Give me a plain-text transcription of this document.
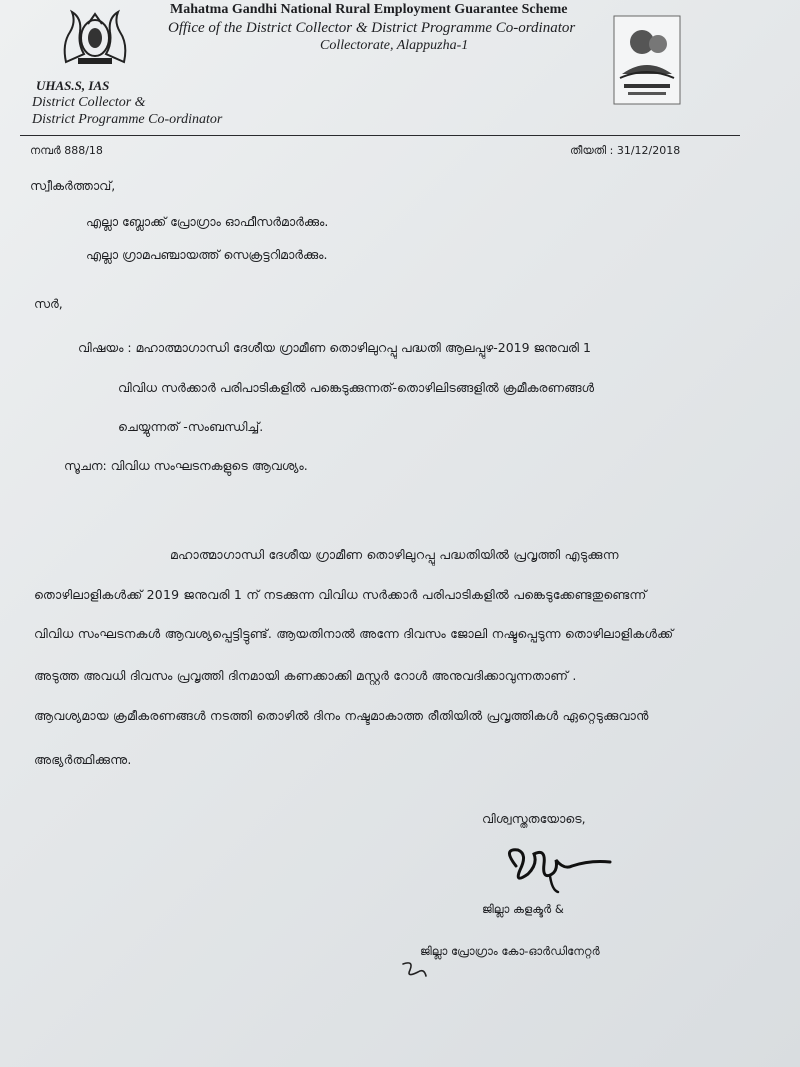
Mahatma Gandhi National Rural Employment Guarantee Scheme
Office of the District Collector & District Programme Co-ordinator
Collectorate, Alappuzha-1
UHAS.S, IAS
District Collector &
District Programme Co-ordinator
നമ്പർ 888/18	തീയതി : 31/12/2018
സ്വീകർത്താവ്,
എല്ലാ ബ്ലോക്ക് പ്രോഗ്രാം ഓഫീസർമാർക്കും.
എല്ലാ ഗ്രാമപഞ്ചായത്ത് സെക്രട്ടറിമാർക്കും.
സർ,
വിഷയം : മഹാത്മാഗാന്ധി ദേശീയ ഗ്രാമീണ തൊഴിലുറപ്പു പദ്ധതി ആലപ്പുഴ-2019 ജനുവരി 1
വിവിധ സർക്കാർ പരിപാടികളിൽ പങ്കെടുക്കുന്നത്-തൊഴിലിടങ്ങളിൽ ക്രമീകരണങ്ങൾ
ചെയ്യുന്നത് -സംബന്ധിച്ച്.
സൂചന: വിവിധ സംഘടനകളുടെ ആവശ്യം.
മഹാത്മാഗാന്ധി ദേശീയ ഗ്രാമീണ തൊഴിലുറപ്പു പദ്ധതിയിൽ പ്രവൃത്തി എടുക്കുന്ന
തൊഴിലാളികൾക്ക് 2019 ജനുവരി 1 ന് നടക്കുന്ന വിവിധ സർക്കാർ പരിപാടികളിൽ പങ്കെടുക്കേണ്ടതുണ്ടെന്ന്
വിവിധ സംഘടനകൾ ആവശ്യപ്പെട്ടിട്ടുണ്ട്. ആയതിനാൽ അന്നേ ദിവസം ജോലി നഷ്ടപ്പെടുന്ന തൊഴിലാളികൾക്ക്
അടുത്ത അവധി ദിവസം പ്രവൃത്തി ദിനമായി കണക്കാക്കി മസ്റ്റർ റോൾ അനുവദിക്കാവുന്നതാണ് .
ആവശ്യമായ ക്രമീകരണങ്ങൾ നടത്തി തൊഴിൽ ദിനം നഷ്ടമാകാത്ത രീതിയിൽ പ്രവൃത്തികൾ ഏറ്റെടുക്കുവാൻ
അഭ്യർത്ഥിക്കുന്നു.
വിശ്വസ്തതയോടെ,
ജില്ലാ കളക്ടർ &
ജില്ലാ പ്രോഗ്രാം കോ-ഓർഡിനേറ്റർ
